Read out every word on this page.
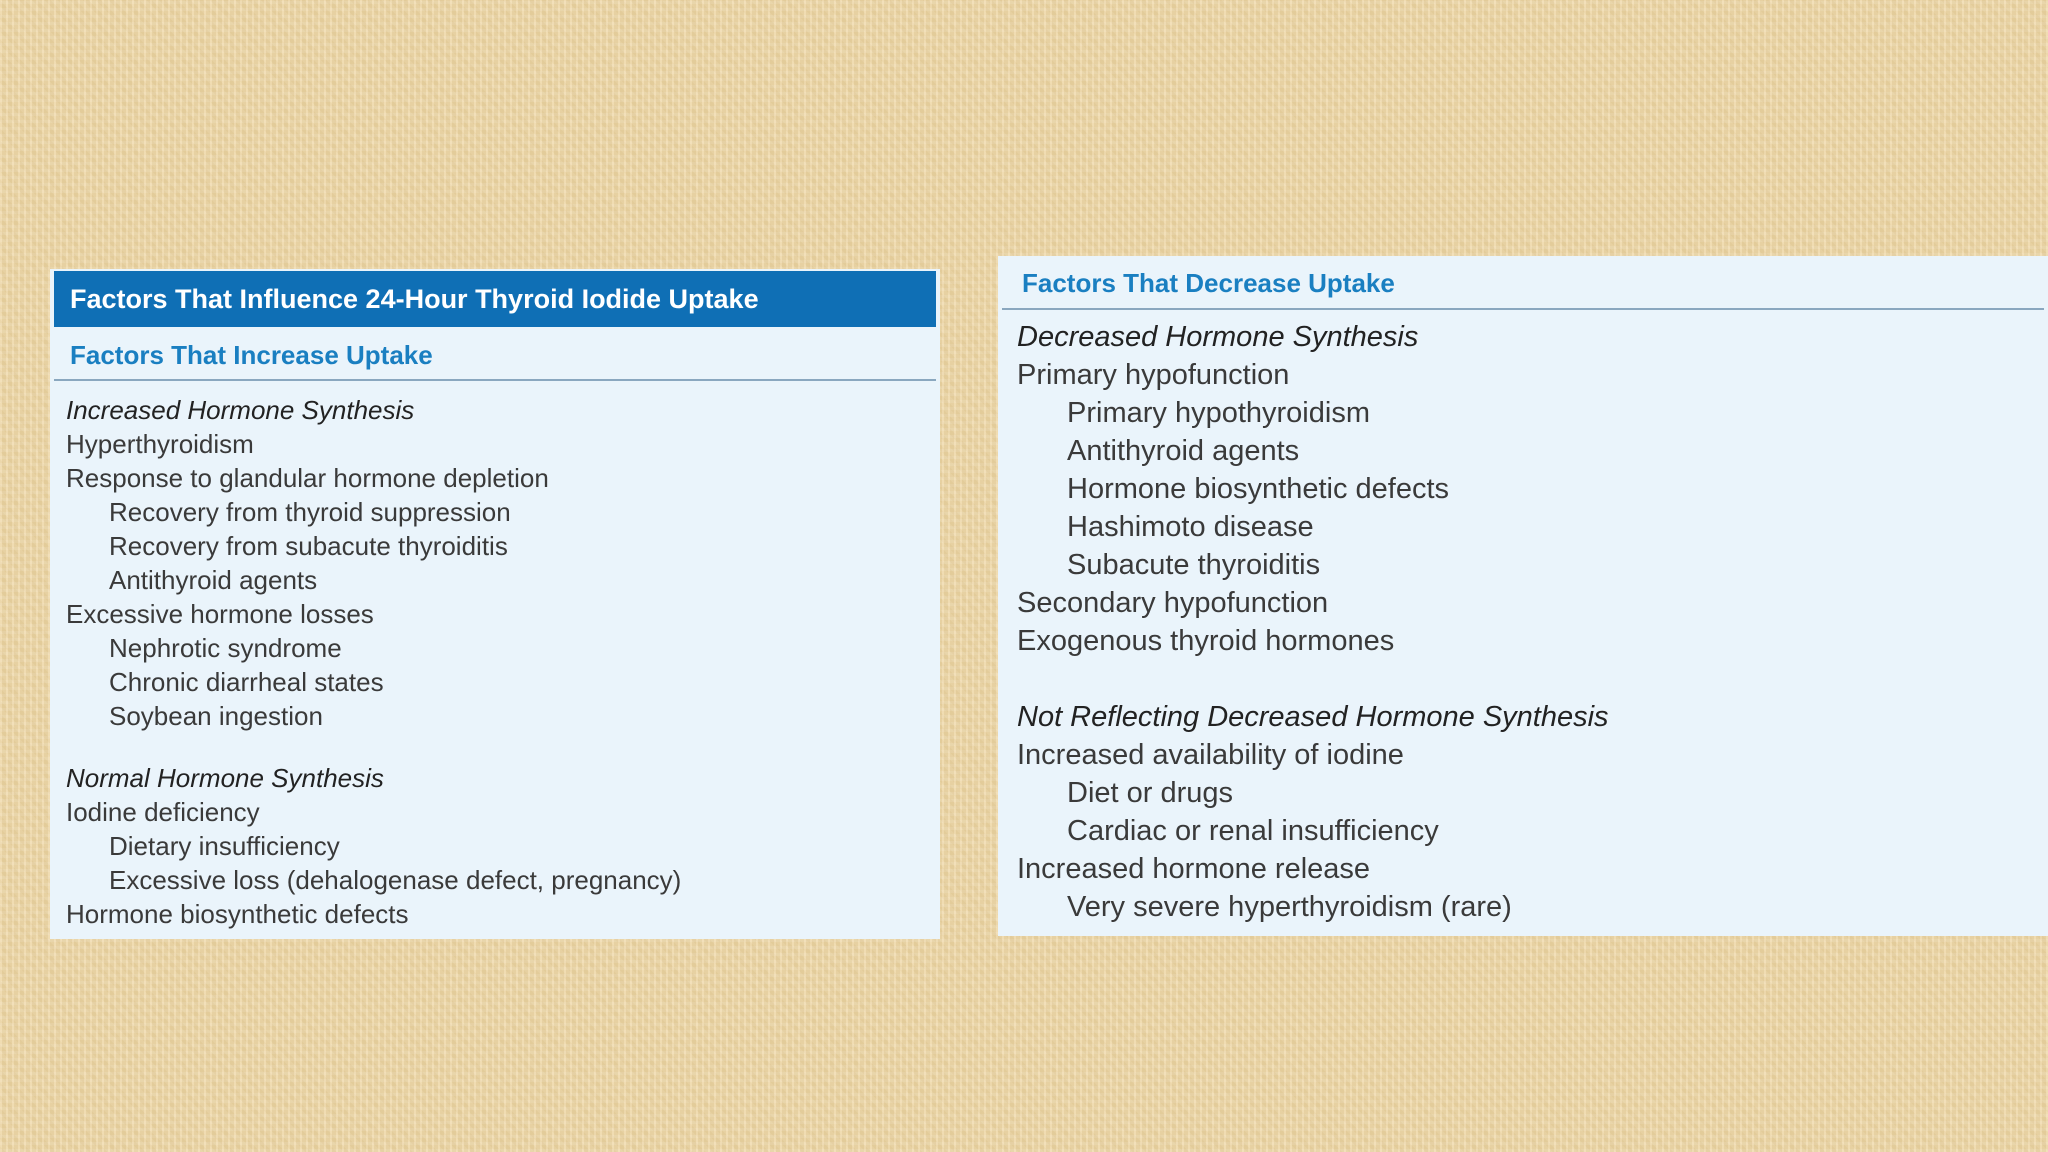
Factors That Influence 24-Hour Thyroid Iodide Uptake
Factors That Increase Uptake
Increased Hormone Synthesis
Hyperthyroidism
Response to glandular hormone depletion
Recovery from thyroid suppression
Recovery from subacute thyroiditis
Antithyroid agents
Excessive hormone losses
Nephrotic syndrome
Chronic diarrheal states
Soybean ingestion
Normal Hormone Synthesis
Iodine deficiency
Dietary insufficiency
Excessive loss (dehalogenase defect, pregnancy)
Hormone biosynthetic defects
Factors That Decrease Uptake
Decreased Hormone Synthesis
Primary hypofunction
Primary hypothyroidism
Antithyroid agents
Hormone biosynthetic defects
Hashimoto disease
Subacute thyroiditis
Secondary hypofunction
Exogenous thyroid hormones
Not Reflecting Decreased Hormone Synthesis
Increased availability of iodine
Diet or drugs
Cardiac or renal insufficiency
Increased hormone release
Very severe hyperthyroidism (rare)
